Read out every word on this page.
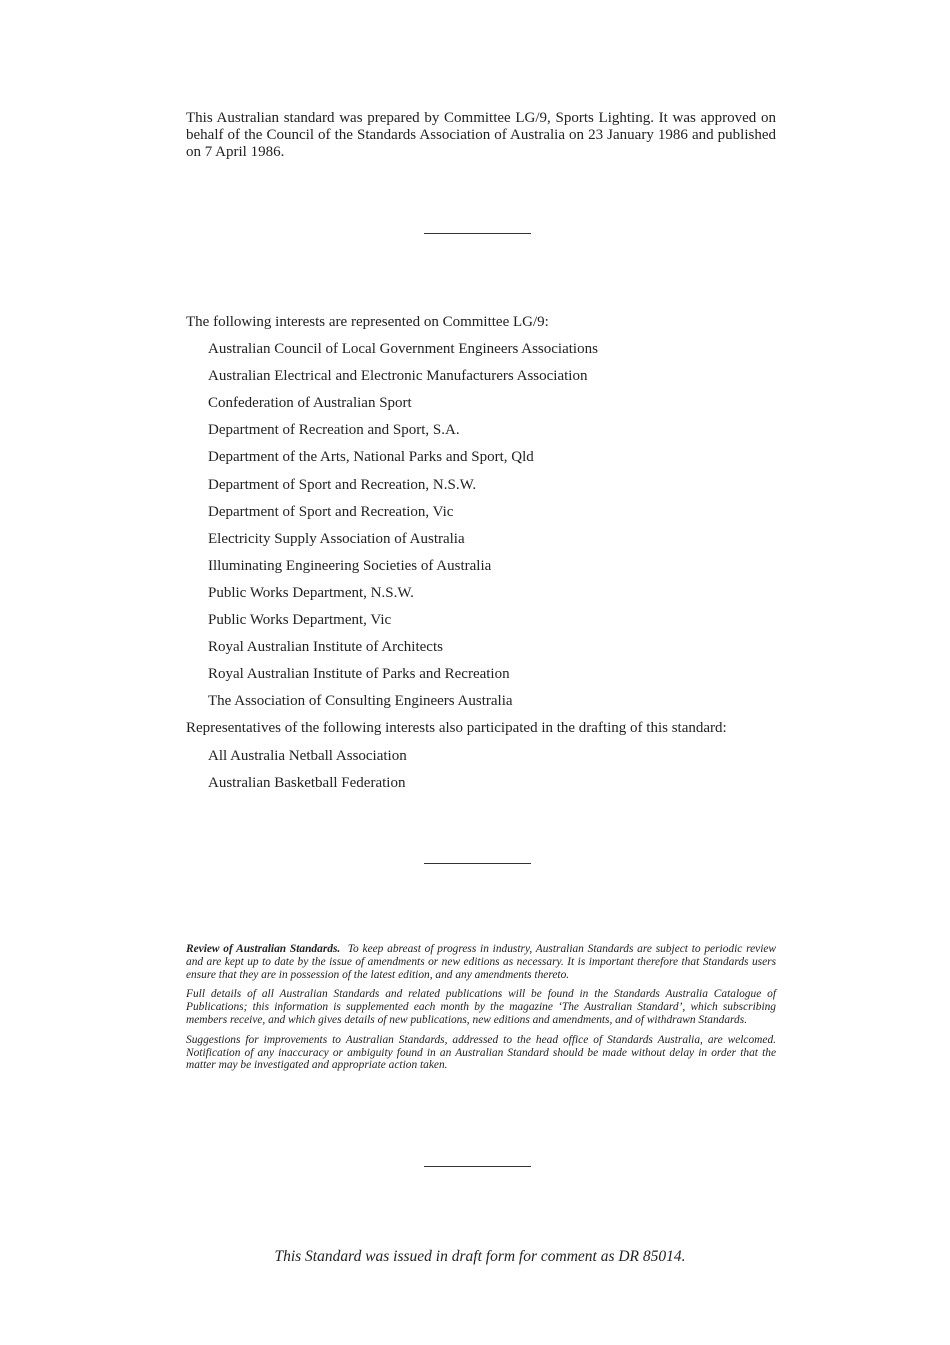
This Australian standard was prepared by Committee LG/9, Sports Lighting. It was approved on behalf of the Council of the Standards Association of Australia on 23 January 1986 and published on 7 April 1986.
The following interests are represented on Committee LG/9:
Australian Council of Local Government Engineers Associations
Australian Electrical and Electronic Manufacturers Association
Confederation of Australian Sport
Department of Recreation and Sport, S.A.
Department of the Arts, National Parks and Sport, Qld
Department of Sport and Recreation, N.S.W.
Department of Sport and Recreation, Vic
Electricity Supply Association of Australia
Illuminating Engineering Societies of Australia
Public Works Department, N.S.W.
Public Works Department, Vic
Royal Australian Institute of Architects
Royal Australian Institute of Parks and Recreation
The Association of Consulting Engineers Australia
Representatives of the following interests also participated in the drafting of this standard:
All Australia Netball Association
Australian Basketball Federation

Review of Australian Standards. To keep abreast of progress in industry, Australian Standards are subject to periodic review and are kept up to date by the issue of amendments or new editions as necessary. It is important therefore that Standards users ensure that they are in possession of the latest edition, and any amendments thereto.

Full details of all Australian Standards and related publications will be found in the Standards Australia Catalogue of Publications; this information is supplemented each month by the magazine ‘The Australian Standard’, which subscribing members receive, and which gives details of new publications, new editions and amendments, and of withdrawn Standards.

Suggestions for improvements to Australian Standards, addressed to the head office of Standards Australia, are welcomed. Notification of any inaccuracy or ambiguity found in an Australian Standard should be made without delay in order that the matter may be investigated and appropriate action taken.

This Standard was issued in draft form for comment as DR 85014.
